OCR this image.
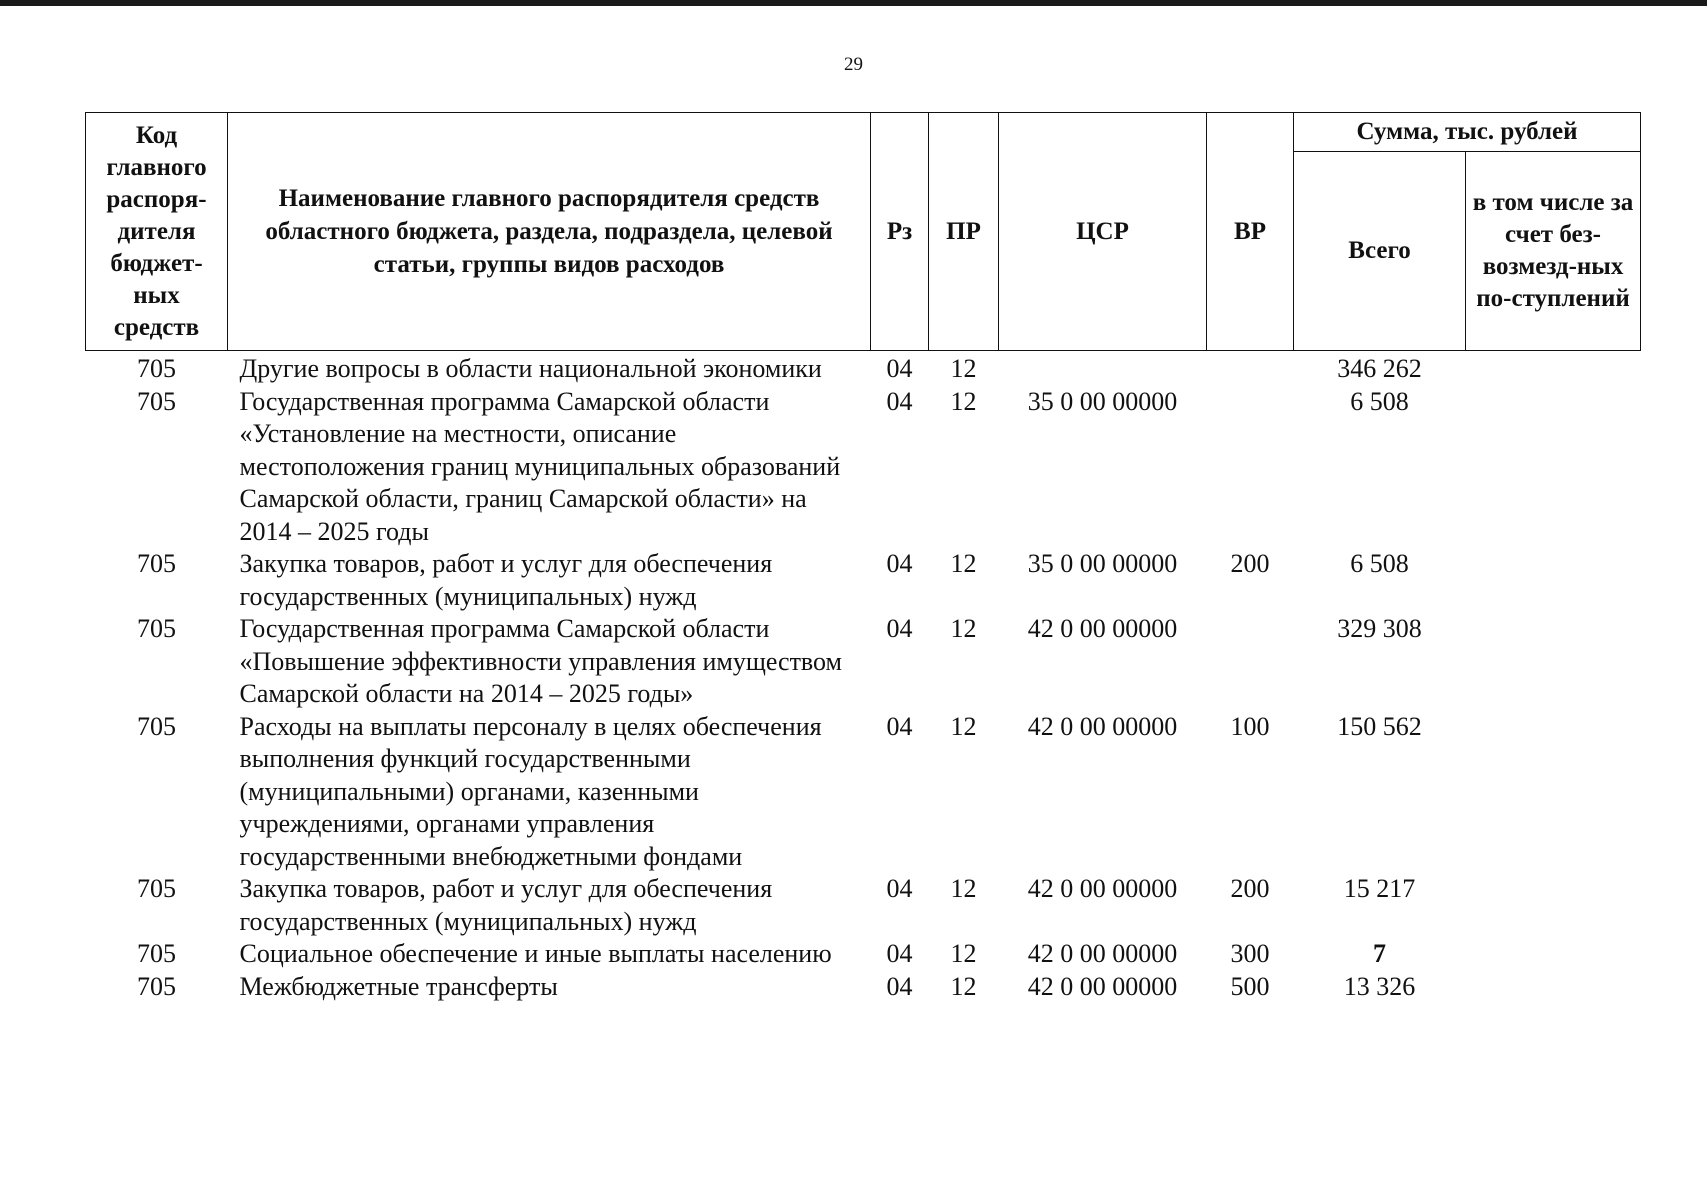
29
Код главного распоря-дителя бюджет-ных средств	Наименование главного распорядителя средств областного бюджета, раздела, подраздела, целевой статьи, группы видов расходов	Рз	ПР	ЦСР	ВР	Сумма, тыс. рублей	
						Всего	в том числе за счет без-возмезд-ных по-ступлений
705	Другие вопросы в области национальной экономики	04	12			346 262	
705	Государственная программа Самарской области «Установление на местности, описание местоположения границ муниципальных образований Самарской области, границ Самарской области» на 2014 – 2025 годы	04	12	35 0 00 00000		6 508	
705	Закупка товаров, работ и услуг для обеспечения государственных (муниципальных) нужд	04	12	35 0 00 00000	200	6 508	
705	Государственная программа Самарской области «Повышение эффективности управления имуществом Самарской области на 2014 – 2025 годы»	04	12	42 0 00 00000		329 308	
705	Расходы на выплаты персоналу в целях обеспечения выполнения функций государственными (муниципальными) органами, казенными учреждениями, органами управления государственными внебюджетными фондами	04	12	42 0 00 00000	100	150 562	
705	Закупка товаров, работ и услуг для обеспечения государственных (муниципальных) нужд	04	12	42 0 00 00000	200	15 217	
705	Социальное обеспечение и иные выплаты населению	04	12	42 0 00 00000	300	7	
705	Межбюджетные трансферты	04	12	42 0 00 00000	500	13 326	
